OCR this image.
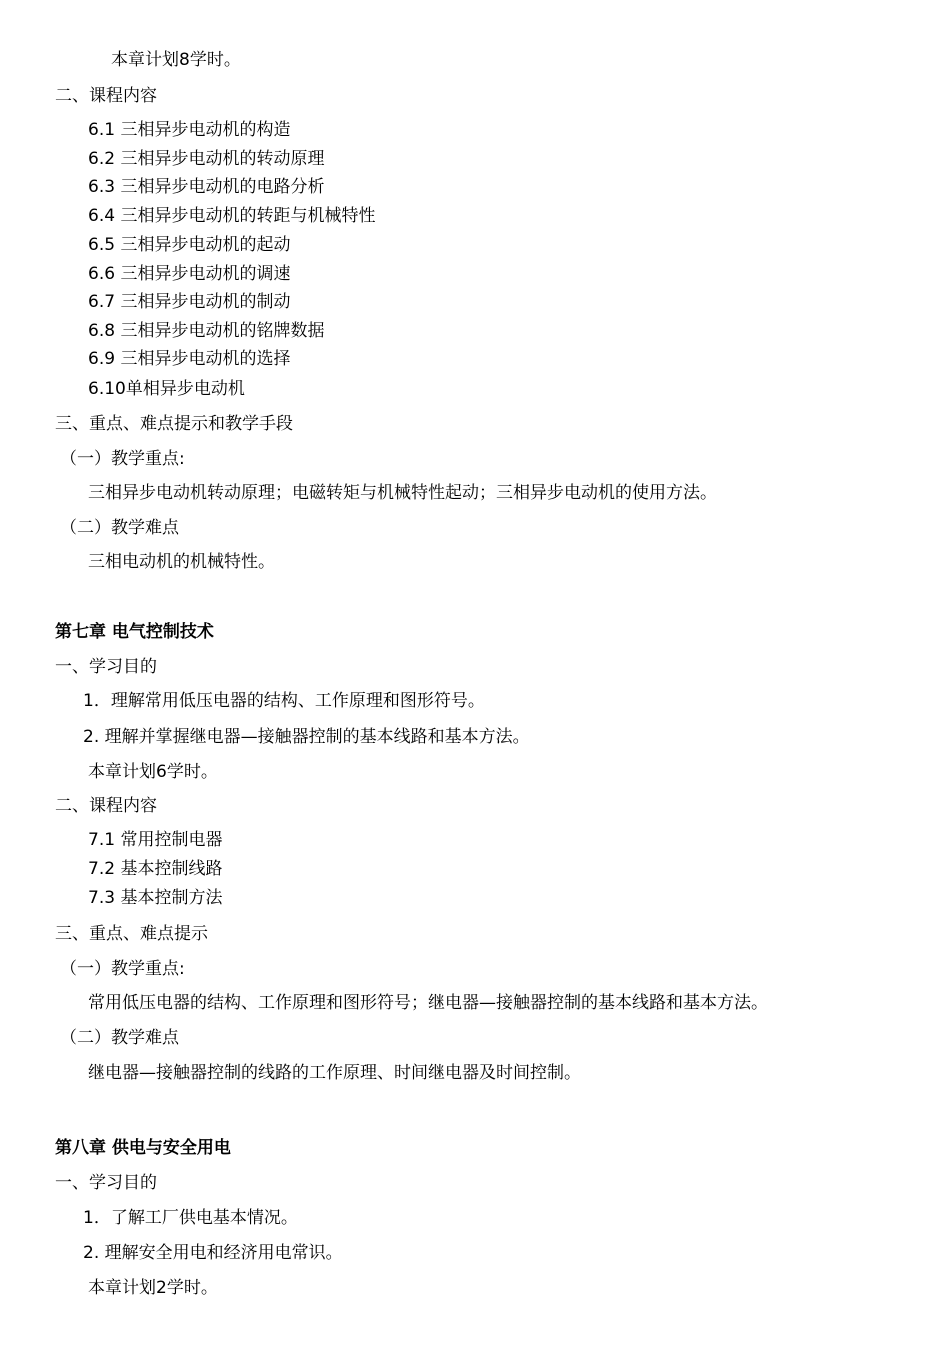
本章计划8学时。

二、课程内容

6.1 三相异步电动机的构造

6.2 三相异步电动机的转动原理

6.3 三相异步电动机的电路分析

6.4 三相异步电动机的转距与机械特性

6.5 三相异步电动机的起动

6.6 三相异步电动机的调速

6.7 三相异步电动机的制动

6.8 三相异步电动机的铭牌数据

6.9 三相异步电动机的选择

6.10单相异步电动机

三、重点、难点提示和教学手段

（一）教学重点:

三相异步电动机转动原理；电磁转矩与机械特性起动；三相异步电动机的使用方法。

（二）教学难点

三相电动机的机械特性。

第七章 电气控制技术

一、学习目的

1．理解常用低压电器的结构、工作原理和图形符号。

2. 理解并掌握继电器—接触器控制的基本线路和基本方法。

本章计划6学时。

二、课程内容

7.1 常用控制电器

7.2 基本控制线路

7.3 基本控制方法

三、重点、难点提示

（一）教学重点:

常用低压电器的结构、工作原理和图形符号；继电器—接触器控制的基本线路和基本方法。

（二）教学难点

继电器—接触器控制的线路的工作原理、时间继电器及时间控制。

第八章 供电与安全用电

一、学习目的

1．了解工厂供电基本情况。

2. 理解安全用电和经济用电常识。

本章计划2学时。
